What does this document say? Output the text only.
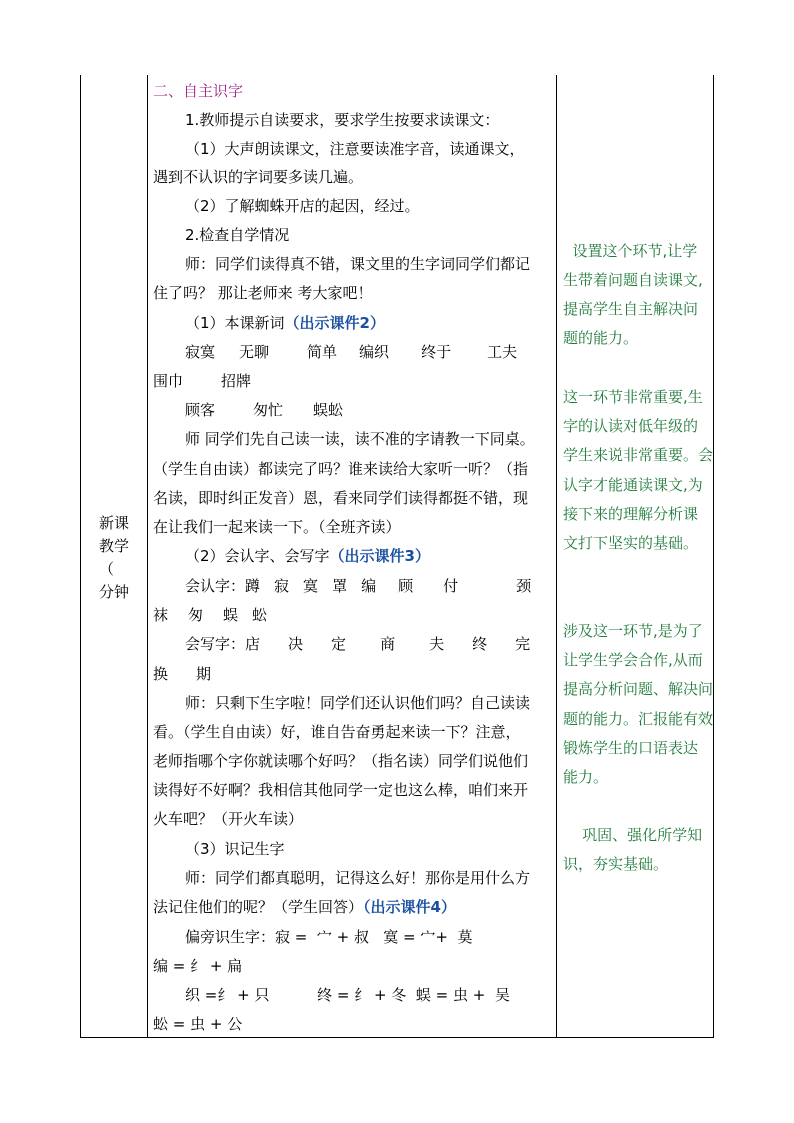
新课
教学
（
分钟
二、自主识字
1.教师提示自读要求，要求学生按要求读课文：
（1）大声朗读课文，注意要读准字音，读通课文，
遇到不认识的字词要多读几遍。
（2）了解蜘蛛开店的起因，经过。
2.检查自学情况
师：同学们读得真不错，课文里的生字词同学们都记
住了吗？ 那让老师来 考大家吧！
（1）本课新词（出示课件2）
寂寞 无聊	简单 编织 终于 工夫
围巾	招牌
顾客	匆忙 蜈蚣
师 同学们先自己读一读，读不准的字请教一下同桌。
（学生自由读）都读完了吗？谁来读给大家听一听？（指
名读，即时纠正发音）恩，看来同学们读得都挺不错，现
在让我们一起来读一下。（全班齐读）
（2）会认字、会写字（出示课件3）
会认字：蹲 寂 寞 罩 编 顾 付	颈
袜 匆 蜈 蚣
会写字：店 决 定 商 夫 终 完
换 期
师：只剩下生字啦！同学们还认识他们吗？自己读读
看。（学生自由读）好，谁自告奋勇起来读一下？注意，
老师指哪个字你就读哪个好吗？（指名读）同学们说他们
读得好不好啊？我相信其他同学一定也这么棒，咱们来开
火车吧？（开火车读）
（3）识记生字
师：同学们都真聪明，记得这么好！那你是用什么方
法记住他们的呢？（学生回答）（出示课件4）
偏旁识生字：寂 =  宀 + 叔   寞 = 宀+  莫
编 = 纟 + 扁
织 =纟 + 只          终 = 纟 + 冬  蜈 = 虫 +  吴
蚣 = 虫 + 公
设置这个环节,让学
生带着问题自读课文,
提高学生自主解决问
题的能力。
这一环节非常重要,生
字的认读对低年级的
学生来说非常重要。会
认字才能通读课文,为
接下来的理解分析课
文打下坚实的基础。
涉及这一环节,是为了
让学生学会合作,从而
提高分析问题、解决问
题的能力。汇报能有效
锻炼学生的口语表达
能力。
巩固、强化所学知
识，夯实基础。
